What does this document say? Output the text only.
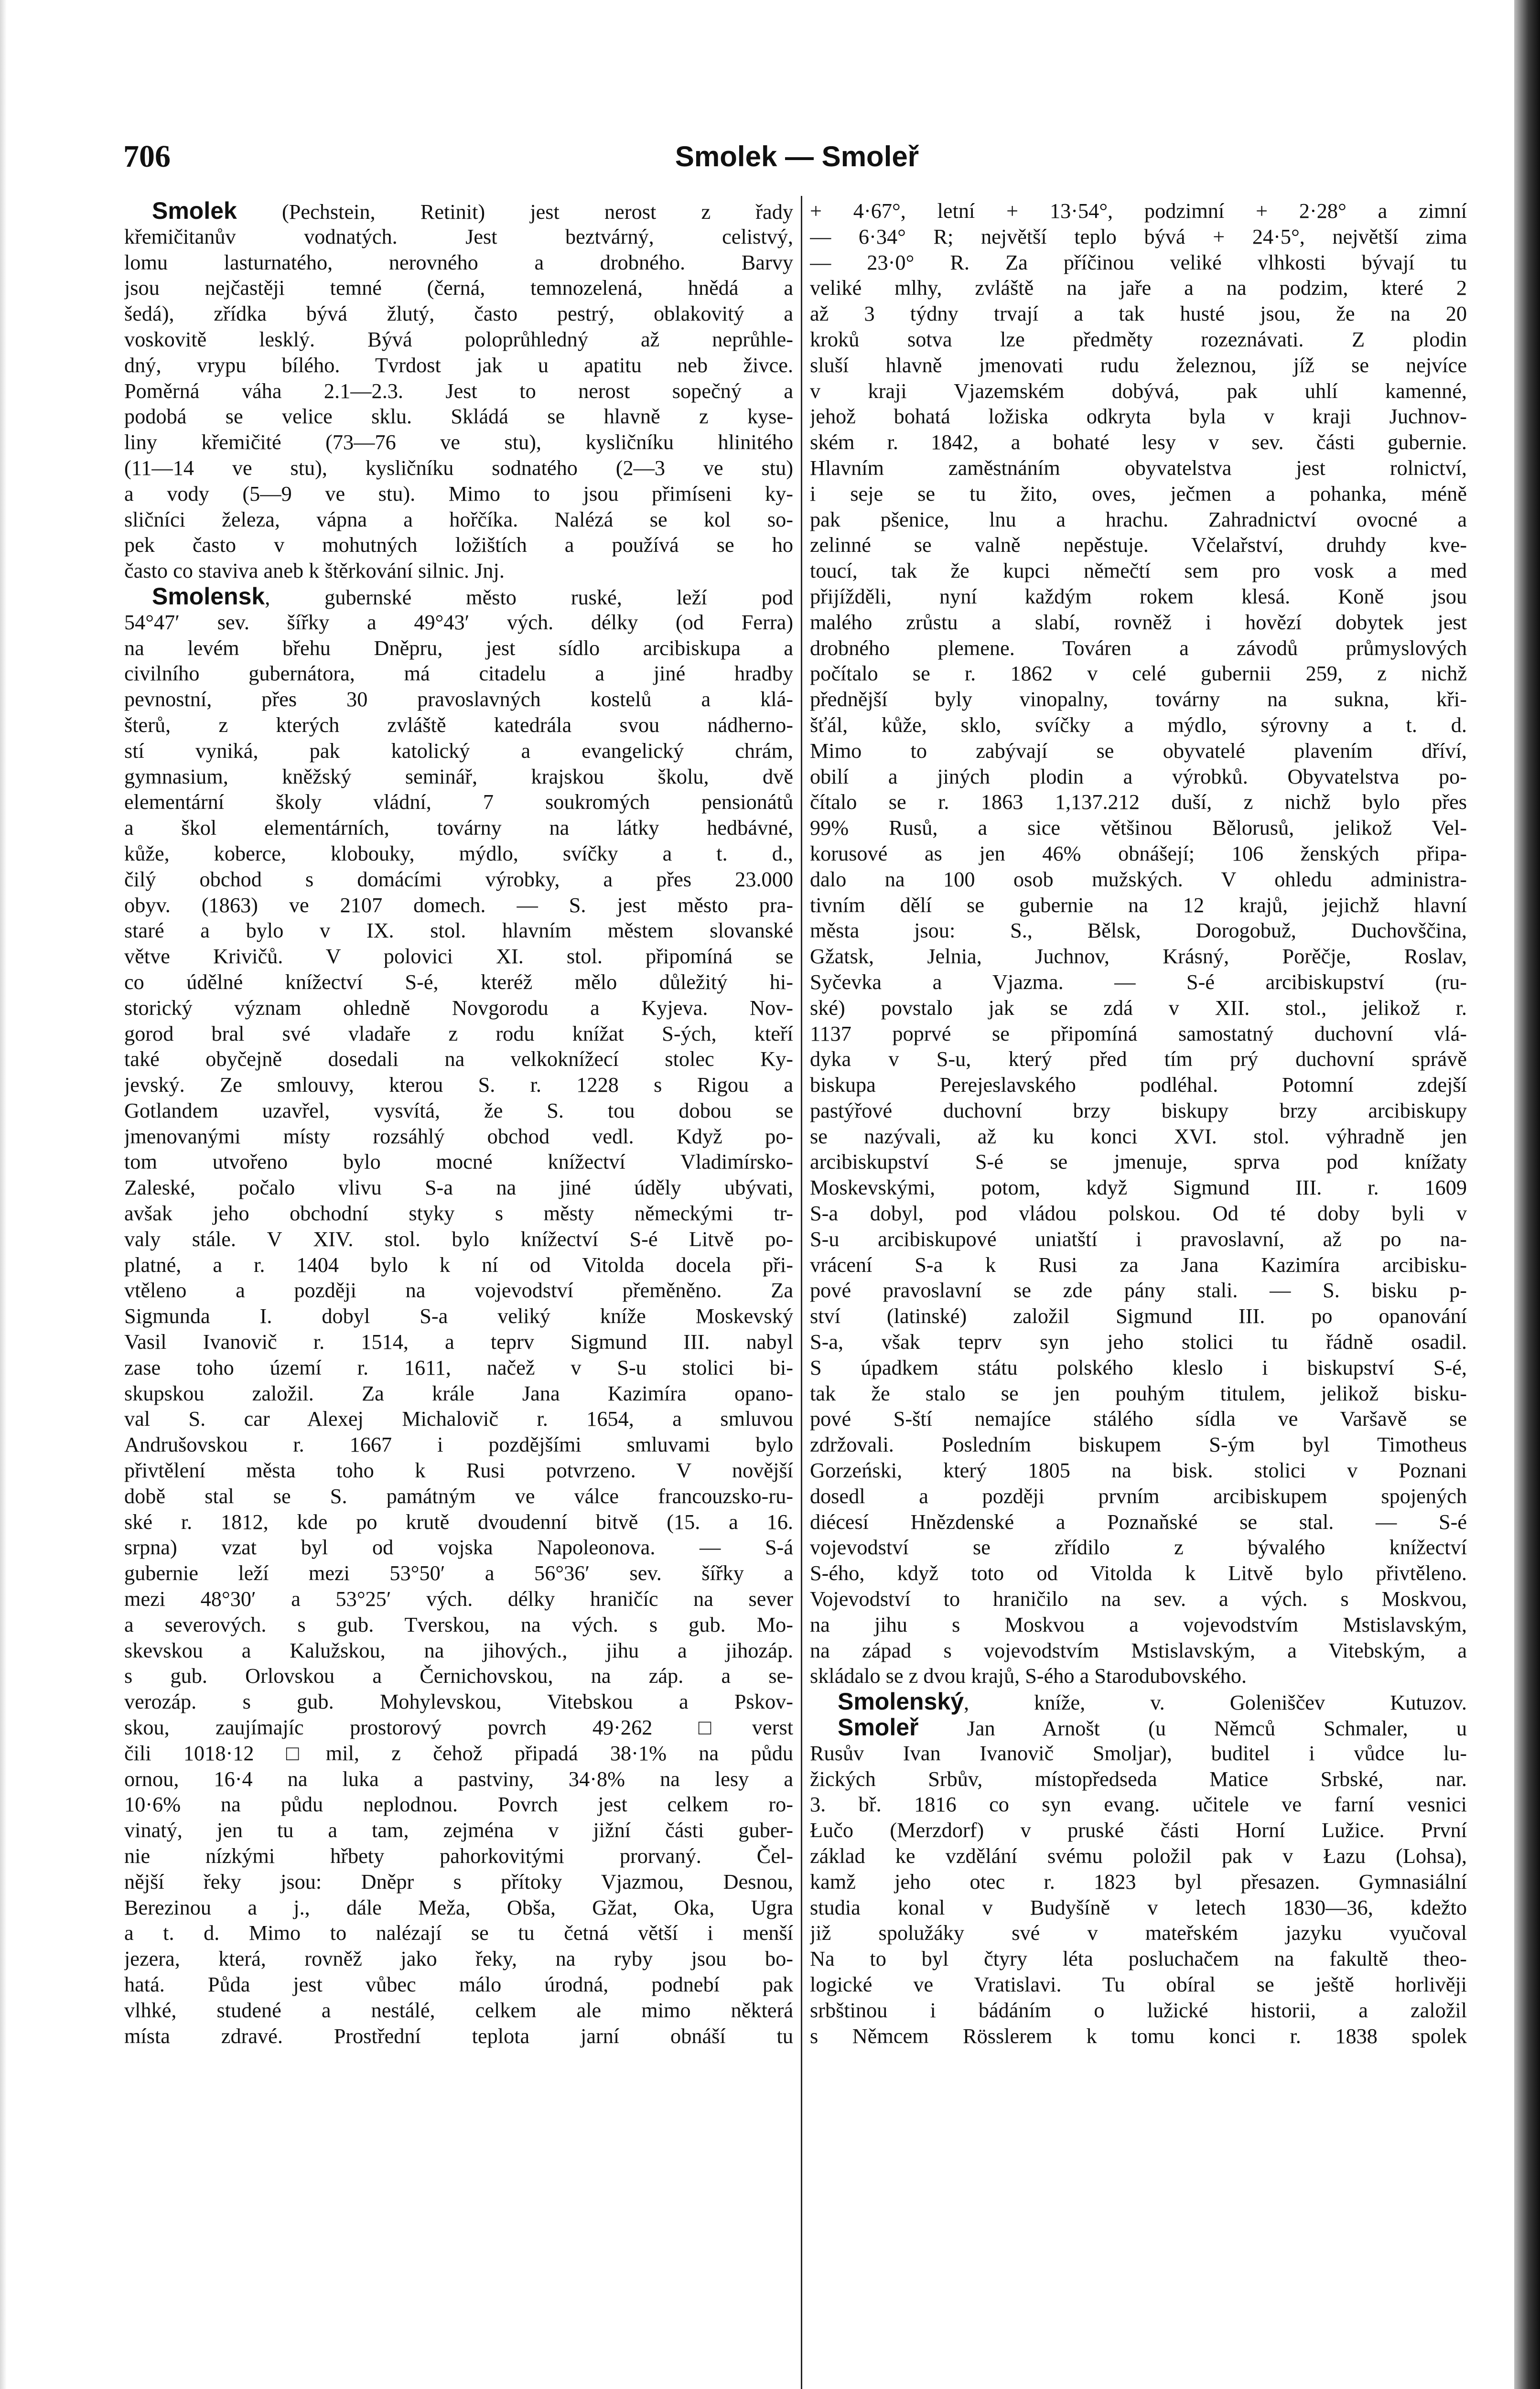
706	Smolek — Smoleř
Smolek (Pechstein, Retinit) jest nerost z řady
křemičitanův vodnatých. Jest beztvárný, celistvý,
lomu lasturnatého, nerovného a drobného. Barvy
jsou nejčastěji temné (černá, temnozelená, hnědá a
šedá), zřídka bývá žlutý, často pestrý, oblakovitý a
voskovitě lesklý. Bývá poloprůhledný až neprůhle-
dný, vrypu bílého. Tvrdost jak u apatitu neb živce.
Poměrná váha 2.1—2.3. Jest to nerost sopečný a
podobá se velice sklu. Skládá se hlavně z kyse-
liny křemičité (73—76 ve stu), kysličníku hlinitého
(11—14 ve stu), kysličníku sodnatého (2—3 ve stu)
a vody (5—9 ve stu). Mimo to jsou přimíseni ky-
sličníci železa, vápna a hořčíka. Nalézá se kol so-
pek často v mohutných ložištích a používá se ho
často co staviva aneb k štěrkování silnic. Jnj.
Smolensk, gubernské město ruské, leží pod
54°47′ sev. šířky a 49°43′ vých. délky (od Ferra)
na levém břehu Dněpru, jest sídlo arcibiskupa a
civilního gubernátora, má citadelu a jiné hradby
pevnostní, přes 30 pravoslavných kostelů a klá-
šterů, z kterých zvláště katedrála svou nádherno-
stí vyniká, pak katolický a evangelický chrám,
gymnasium, kněžský seminář, krajskou školu, dvě
elementární školy vládní, 7 soukromých pensionátů
a škol elementárních, továrny na látky hedbávné,
kůže, koberce, klobouky, mýdlo, svíčky a t. d.,
čilý obchod s domácími výrobky, a přes 23.000
obyv. (1863) ve 2107 domech. — S. jest město pra-
staré a bylo v IX. stol. hlavním městem slovanské
větve Krivičů. V polovici XI. stol. připomíná se
co údělné knížectví S-é, kteréž mělo důležitý hi-
storický význam ohledně Novgorodu a Kyjeva. Nov-
gorod bral své vladaře z rodu knížat S-ých, kteří
také obyčejně dosedali na velkoknížecí stolec Ky-
jevský. Ze smlouvy, kterou S. r. 1228 s Rigou a
Gotlandem uzavřel, vysvítá, že S. tou dobou se
jmenovanými místy rozsáhlý obchod vedl. Když po-
tom utvořeno bylo mocné knížectví Vladimírsko-
Zaleské, počalo vlivu S-a na jiné úděly ubývati,
avšak jeho obchodní styky s městy německými tr-
valy stále. V XIV. stol. bylo knížectví S-é Litvě po-
platné, a r. 1404 bylo k ní od Vitolda docela při-
vtěleno a později na vojevodství přeměněno. Za
Sigmunda I. dobyl S-a veliký kníže Moskevský
Vasil Ivanovič r. 1514, a teprv Sigmund III. nabyl
zase toho území r. 1611, načež v S-u stolici bi-
skupskou založil. Za krále Jana Kazimíra opano-
val S. car Alexej Michalovič r. 1654, a smluvou
Andrušovskou r. 1667 i pozdějšími smluvami bylo
přivtělení města toho k Rusi potvrzeno. V novější
době stal se S. památným ve válce francouzsko-ru-
ské r. 1812, kde po krutě dvoudenní bitvě (15. a 16.
srpna) vzat byl od vojska Napoleonova. — S-á
gubernie leží mezi 53°50′ a 56°36′ sev. šířky a
mezi 48°30′ a 53°25′ vých. délky hraničíc na sever
a severových. s gub. Tverskou, na vých. s gub. Mo-
skevskou a Kalužskou, na jihových., jihu a jihozáp.
s gub. Orlovskou a Černichovskou, na záp. a se-
verozáp. s gub. Mohylevskou, Vitebskou a Pskov-
skou, zaujímajíc prostorový povrch 49·262 □verst
čili 1018·12 □mil, z čehož připadá 38·1% na půdu
ornou, 16·4 na luka a pastviny, 34·8% na lesy a
10·6% na půdu neplodnou. Povrch jest celkem ro-
vinatý, jen tu a tam, zejména v jižní části guber-
nie nízkými hřbety pahorkovitými prorvaný. Čel-
nější řeky jsou: Dněpr s přítoky Vjazmou, Desnou,
Berezinou a j., dále Meža, Obša, Gžat, Oka, Ugra
a t. d. Mimo to nalézají se tu četná větší i menší
jezera, která, rovněž jako řeky, na ryby jsou bo-
hatá. Půda jest vůbec málo úrodná, podnebí pak
vlhké, studené a nestálé, celkem ale mimo některá
místa zdravé. Prostřední teplota jarní obnáší tu
+ 4·67°, letní + 13·54°, podzimní + 2·28° a zimní
— 6·34° R; největší teplo bývá + 24·5°, největší zima
— 23·0° R. Za příčinou veliké vlhkosti bývají tu
veliké mlhy, zvláště na jaře a na podzim, které 2
až 3 týdny trvají a tak husté jsou, že na 20
kroků sotva lze předměty rozeznávati. Z plodin
sluší hlavně jmenovati rudu železnou, jíž se nejvíce
v kraji Vjazemském dobývá, pak uhlí kamenné,
jehož bohatá ložiska odkryta byla v kraji Juchnov-
ském r. 1842, a bohaté lesy v sev. části gubernie.
Hlavním zaměstnáním obyvatelstva jest rolnictví,
i seje se tu žito, oves, ječmen a pohanka, méně
pak pšenice, lnu a hrachu. Zahradnictví ovocné a
zelinné se valně nepěstuje. Včelařství, druhdy kve-
toucí, tak že kupci němečtí sem pro vosk a med
přijížděli, nyní každým rokem klesá. Koně jsou
malého zrůstu a slabí, rovněž i hovězí dobytek jest
drobného plemene. Továren a závodů průmyslových
počítalo se r. 1862 v celé gubernii 259, z nichž
přednější byly vinopalny, továrny na sukna, kři-
šťál, kůže, sklo, svíčky a mýdlo, sýrovny a t. d.
Mimo to zabývají se obyvatelé plavením dříví,
obilí a jiných plodin a výrobků. Obyvatelstva po-
čítalo se r. 1863 1,137.212 duší, z nichž bylo přes
99% Rusů, a sice většinou Bělorusů, jelikož Vel-
korusové as jen 46% obnášejí; 106 ženských připa-
dalo na 100 osob mužských. V ohledu administra-
tivním dělí se gubernie na 12 krajů, jejichž hlavní
města jsou: S., Bělsk, Dorogobuž, Duchovščina,
Gžatsk, Jelnia, Juchnov, Krásný, Porěčje, Roslav,
Syčevka a Vjazma. — S-é arcibiskupství (ru-
ské) povstalo jak se zdá v XII. stol., jelikož r.
1137 poprvé se připomíná samostatný duchovní vlá-
dyka v S-u, který před tím prý duchovní správě
biskupa Perejeslavského podléhal. Potomní zdejší
pastýřové duchovní brzy biskupy brzy arcibiskupy
se nazývali, až ku konci XVI. stol. výhradně jen
arcibiskupství S-é se jmenuje, sprva pod knížaty
Moskevskými, potom, když Sigmund III. r. 1609
S-a dobyl, pod vládou polskou. Od té doby byli v
S-u arcibiskupové uniatští i pravoslavní, až po na-
vrácení S-a k Rusi za Jana Kazimíra arcibisku-
pové pravoslavní se zde pány stali. — S. bisku p-
ství (latinské) založil Sigmund III. po opanování
S-a, však teprv syn jeho stolici tu řádně osadil.
S úpadkem státu polského kleslo i biskupství S-é,
tak že stalo se jen pouhým titulem, jelikož bisku-
pové S-ští nemajíce stálého sídla ve Varšavě se
zdržovali. Posledním biskupem S-ým byl Timotheus
Gorzeński, který 1805 na bisk. stolici v Poznani
dosedl a později prvním arcibiskupem spojených
diécesí Hnězdenské a Poznaňské se stal. — S-é
vojevodství se zřídilo z bývalého knížectví
S-ého, když toto od Vitolda k Litvě bylo přivtěleno.
Vojevodství to hraničilo na sev. a vých. s Moskvou,
na jihu s Moskvou a vojevodstvím Mstislavským,
na západ s vojevodstvím Mstislavským, a Vitebským, a
skládalo se z dvou krajů, S-ého a Starodubovského.
Smolenský, kníže, v. Goleniščev Kutuzov.
Smoleř Jan Arnošt (u Němců Schmaler, u
Rusův Ivan Ivanovič Smoljar), buditel i vůdce lu-
žických Srbův, místopředseda Matice Srbské, nar.
3. bř. 1816 co syn evang. učitele ve farní vesnici
Łučo (Merzdorf) v pruské části Horní Lužice. První
základ ke vzdělání svému položil pak v Łazu (Lohsa),
kamž jeho otec r. 1823 byl přesazen. Gymnasiální
studia konal v Budyšíně v letech 1830—36, kdežto
již spolužáky své v mateřském jazyku vyučoval
Na to byl čtyry léta posluchačem na fakultě theo-
logické ve Vratislavi. Tu obíral se ještě horlivěji
srbštinou i bádáním o lužické historii, a založil
s Němcem Rösslerem k tomu konci r. 1838 spolek
